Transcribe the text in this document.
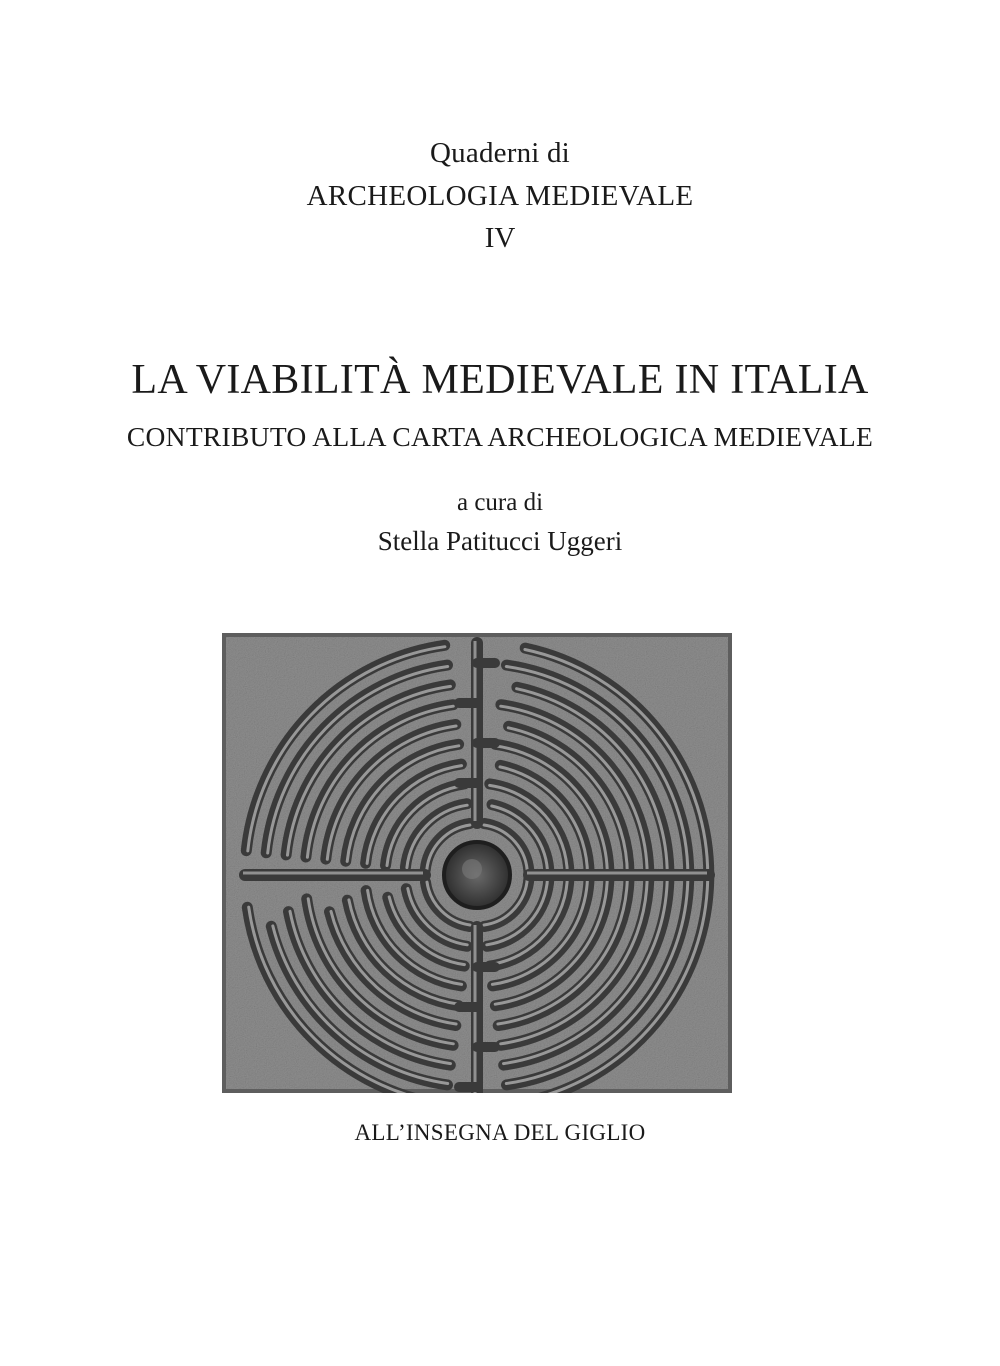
Quaderni di
ARCHEOLOGIA MEDIEVALE
IV
LA VIABILITÀ MEDIEVALE IN ITALIA
CONTRIBUTO ALLA CARTA ARCHEOLOGICA MEDIEVALE
a cura di
Stella Patitucci Uggeri
ALL’INSEGNA DEL GIGLIO
